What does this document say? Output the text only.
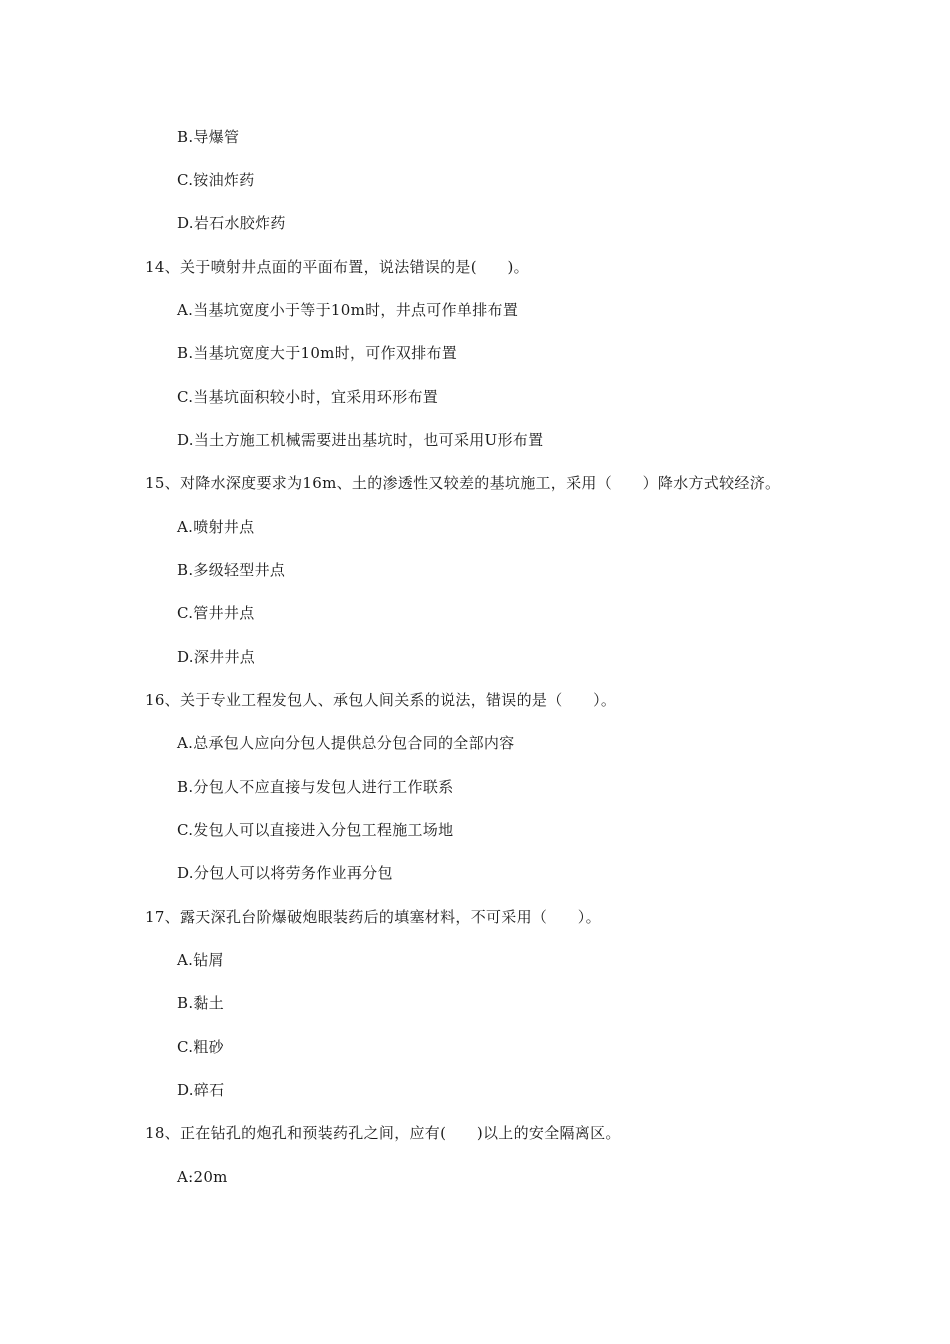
B.导爆管
C.铵油炸药
D.岩石水胶炸药
14、关于喷射井点面的平面布置，说法错误的是(　　)。
A.当基坑宽度小于等于10m时，井点可作单排布置
B.当基坑宽度大于10m时，可作双排布置
C.当基坑面积较小时，宜采用环形布置
D.当土方施工机械需要进出基坑时，也可采用U形布置
15、对降水深度要求为16m、土的渗透性又较差的基坑施工，采用（　　）降水方式较经济。
A.喷射井点
B.多级轻型井点
C.管井井点
D.深井井点
16、关于专业工程发包人、承包人间关系的说法，错误的是（　　）。
A.总承包人应向分包人提供总分包合同的全部内容
B.分包人不应直接与发包人进行工作联系
C.发包人可以直接进入分包工程施工场地
D.分包人可以将劳务作业再分包
17、露天深孔台阶爆破炮眼装药后的填塞材料，不可采用（　　）。
A.钻屑
B.黏土
C.粗砂
D.碎石
18、正在钻孔的炮孔和预装药孔之间，应有(　　)以上的安全隔离区。
A:20m
